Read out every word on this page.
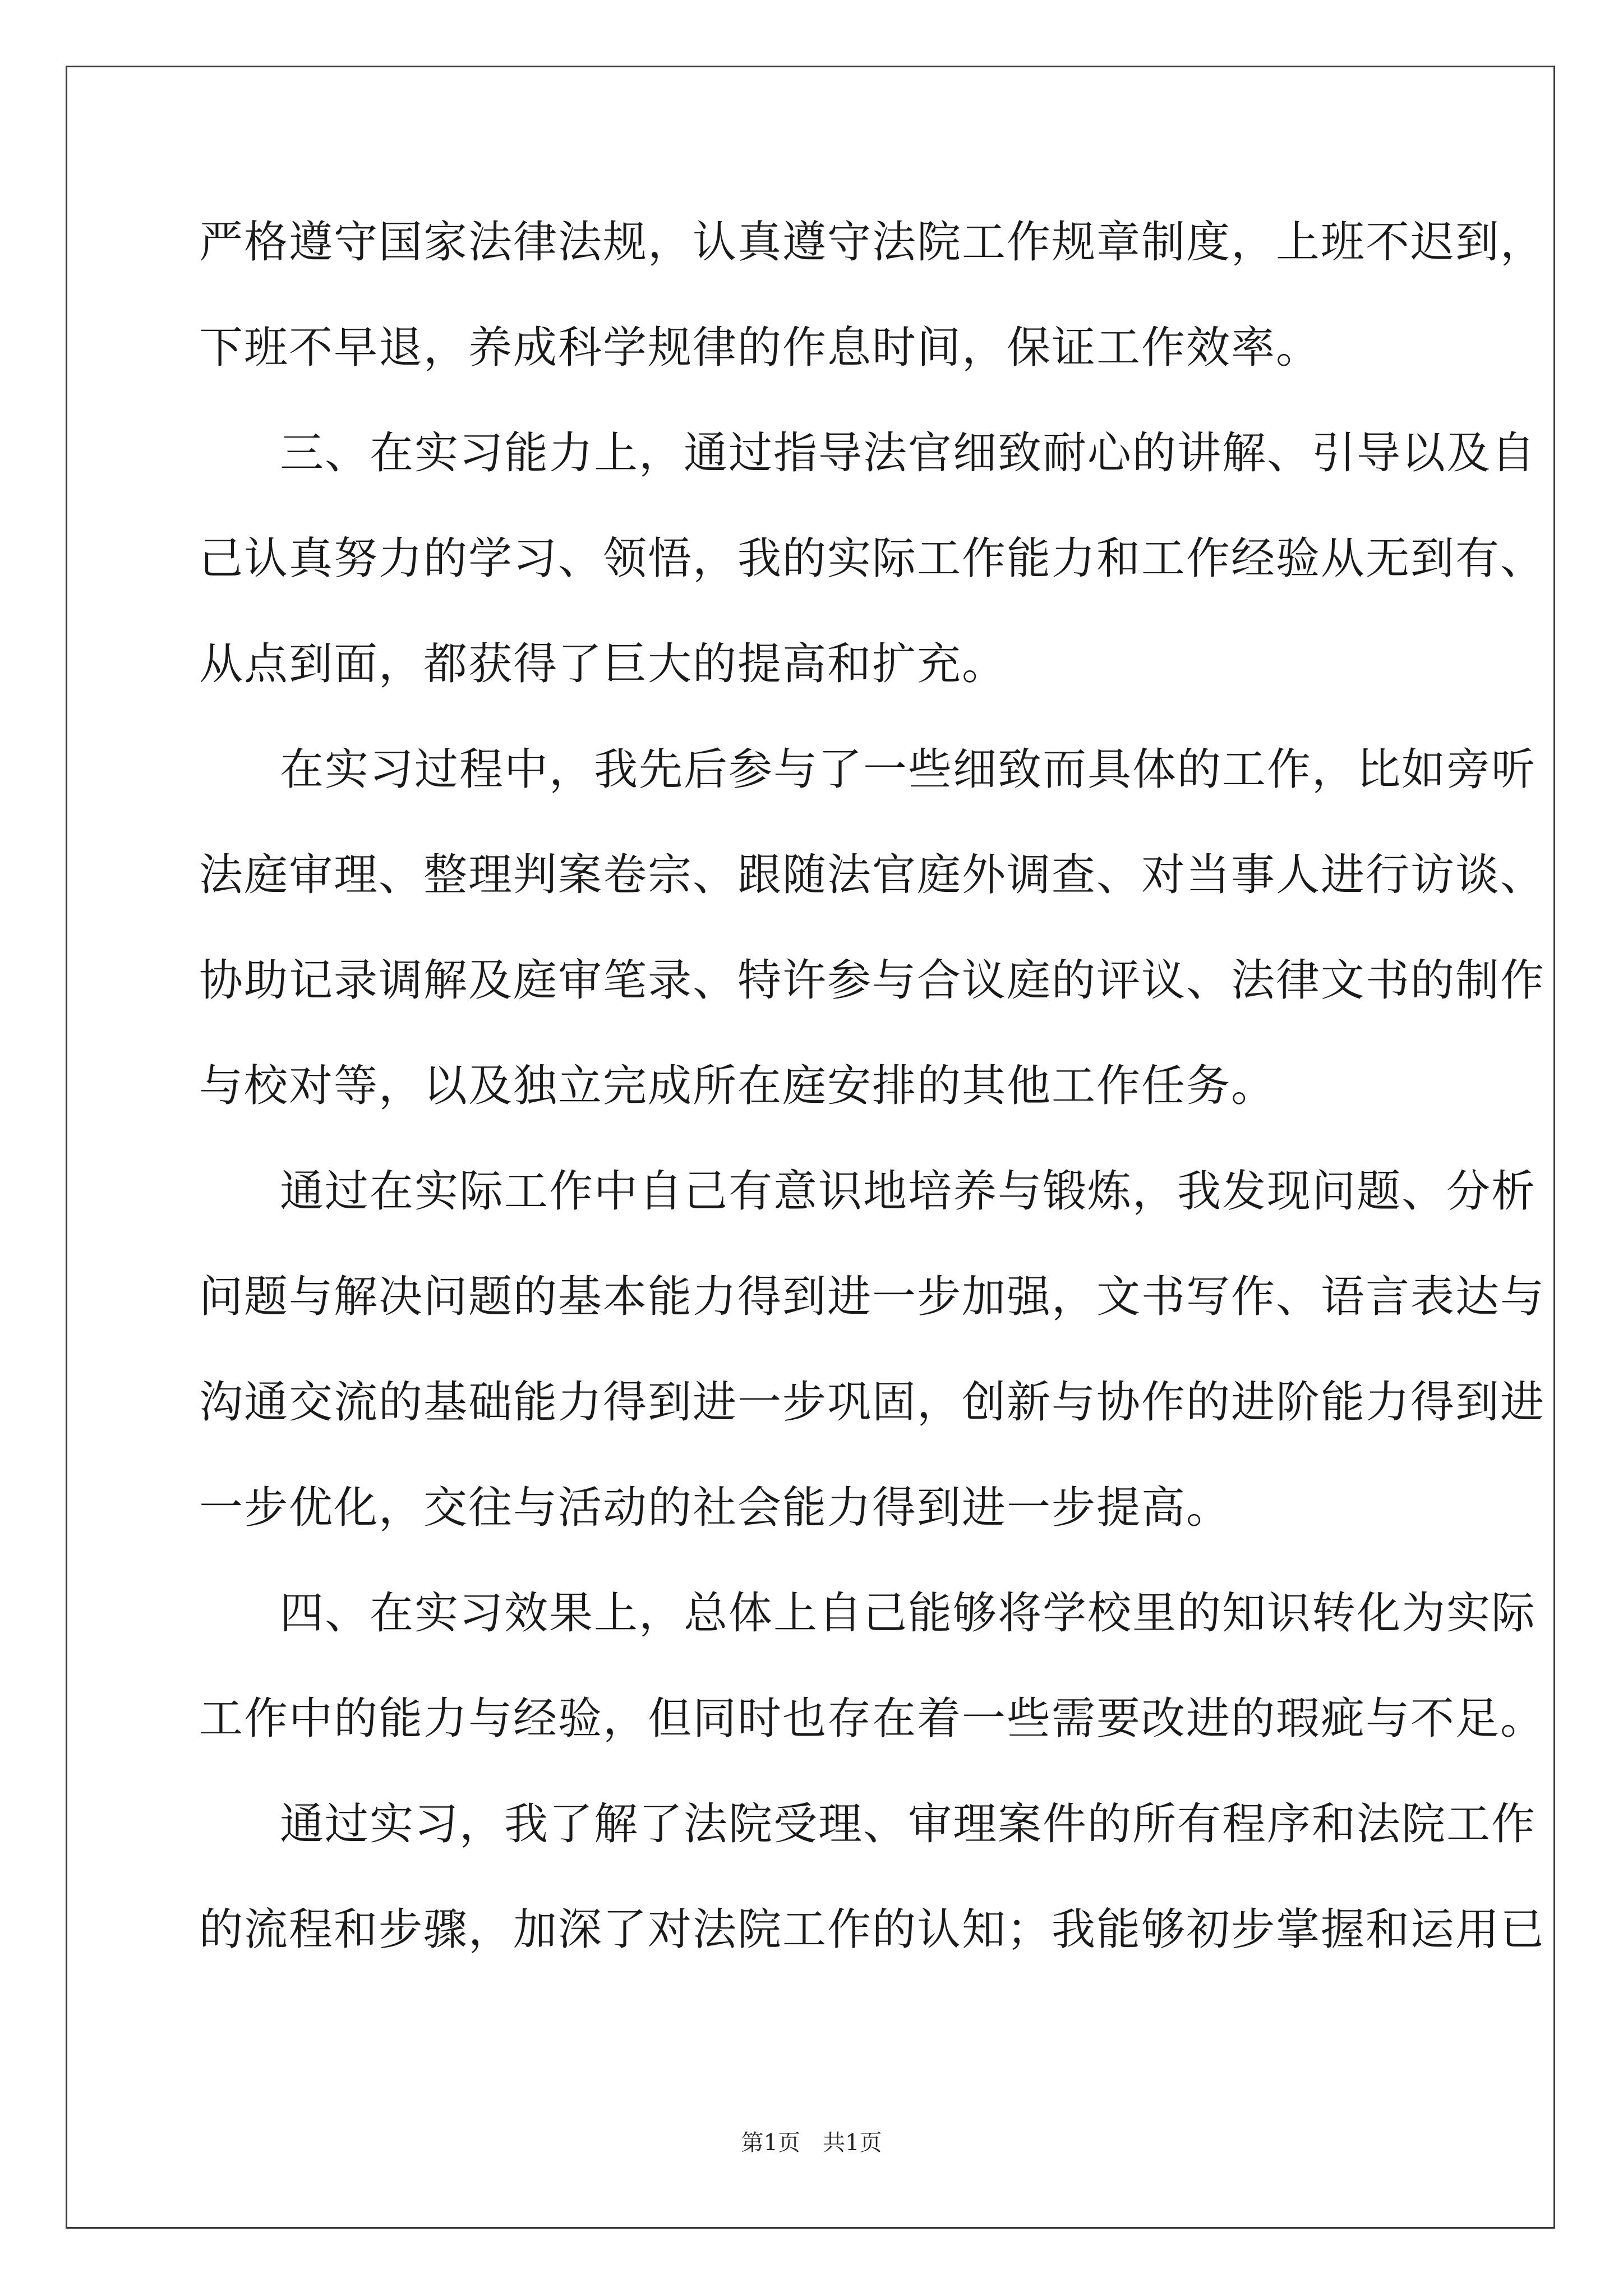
严格遵守国家法律法规，认真遵守法院工作规章制度，上班不迟到，
下班不早退，养成科学规律的作息时间，保证工作效率。
三、在实习能力上，通过指导法官细致耐心的讲解、引导以及自
己认真努力的学习、领悟，我的实际工作能力和工作经验从无到有、
从点到面，都获得了巨大的提高和扩充。
在实习过程中，我先后参与了一些细致而具体的工作，比如旁听
法庭审理、整理判案卷宗、跟随法官庭外调查、对当事人进行访谈、
协助记录调解及庭审笔录、特许参与合议庭的评议、法律文书的制作
与校对等，以及独立完成所在庭安排的其他工作任务。
通过在实际工作中自己有意识地培养与锻炼，我发现问题、分析
问题与解决问题的基本能力得到进一步加强，文书写作、语言表达与
沟通交流的基础能力得到进一步巩固，创新与协作的进阶能力得到进
一步优化，交往与活动的社会能力得到进一步提高。
四、在实习效果上，总体上自己能够将学校里的知识转化为实际
工作中的能力与经验，但同时也存在着一些需要改进的瑕疵与不足。
通过实习，我了解了法院受理、审理案件的所有程序和法院工作
的流程和步骤，加深了对法院工作的认知；我能够初步掌握和运用已
第1页　共1页
